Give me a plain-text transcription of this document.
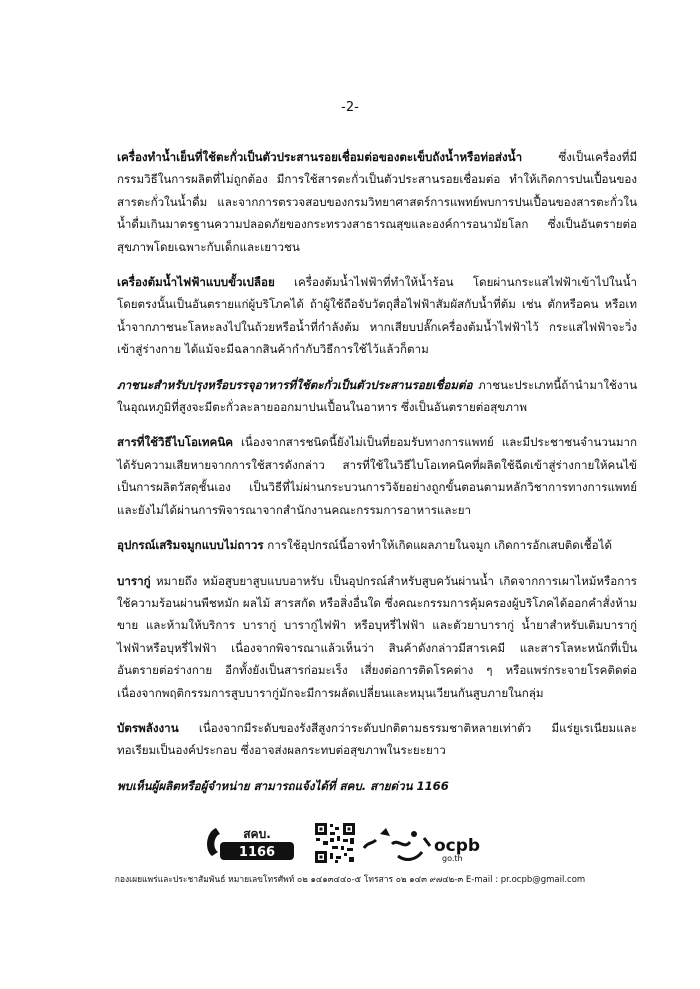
-2-

เครื่องทำน้ำเย็นที่ใช้ตะกั่วเป็นตัวประสานรอยเชื่อมต่อของตะเข็บถังน้ำหรือท่อส่งน้ำ ซึ่งเป็นเครื่องที่มีกรรมวิธีในการผลิตที่ไม่ถูกต้อง มีการใช้สารตะกั่วเป็นตัวประสานรอยเชื่อมต่อ ทำให้เกิดการปนเปื้อนของสารตะกั่วในน้ำดื่ม และจากการตรวจสอบของกรมวิทยาศาสตร์การแพทย์พบการปนเปื้อนของสารตะกั่วในน้ำดื่มเกินมาตรฐานความปลอดภัยของกระทรวงสาธารณสุขและองค์การอนามัยโลก ซึ่งเป็นอันตรายต่อสุขภาพโดยเฉพาะกับเด็กและเยาวชน

เครื่องต้มน้ำไฟฟ้าแบบขั้วเปลือย เครื่องต้มน้ำไฟฟ้าที่ทำให้น้ำร้อน โดยผ่านกระแสไฟฟ้าเข้าไปในน้ำโดยตรงนั้นเป็นอันตรายแก่ผู้บริโภคได้ ถ้าผู้ใช้ถือจับวัตถุสื่อไฟฟ้าสัมผัสกับน้ำที่ต้ม เช่น ตักหรือคน หรือเทน้ำจากภาชนะโลหะลงไปในถ้วยหรือน้ำที่กำลังต้ม หากเสียบปลั๊กเครื่องต้มน้ำไฟฟ้าไว้ กระแสไฟฟ้าจะวิ่งเข้าสู่ร่างกาย ได้แม้จะมีฉลากสินค้ากำกับวิธีการใช้ไว้แล้วก็ตาม

ภาชนะสำหรับปรุงหรือบรรจุอาหารที่ใช้ตะกั่วเป็นตัวประสานรอยเชื่อมต่อ ภาชนะประเภทนี้ถ้านำมาใช้งานในอุณหภูมิที่สูงจะมีตะกั่วละลายออกมาปนเปื้อนในอาหาร ซึ่งเป็นอันตรายต่อสุขภาพ

สารที่ใช้วิธีไบโอเทคนิค เนื่องจากสารชนิดนี้ยังไม่เป็นที่ยอมรับทางการแพทย์ และมีประชาชนจำนวนมากได้รับความเสียหายจากการใช้สารดังกล่าว สารที่ใช้ในวิธีไบโอเทคนิคที่ผลิตใช้ฉีดเข้าสู่ร่างกายให้คนไข้เป็นการผลิตวัสดุชั้นเอง เป็นวิธีที่ไม่ผ่านกระบวนการวิจัยอย่างถูกขั้นตอนตามหลักวิชาการทางการแพทย์ และยังไม่ได้ผ่านการพิจารณาจากสำนักงานคณะกรรมการอาหารและยา

อุปกรณ์เสริมจมูกแบบไม่ถาวร การใช้อุปกรณ์นี้อาจทำให้เกิดแผลภายในจมูก เกิดการอักเสบติดเชื้อได้

บารากู่ หมายถึง หม้อสูบยาสูบแบบอาหรับ เป็นอุปกรณ์สำหรับสูบควันผ่านน้ำ เกิดจากการเผาไหม้หรือการใช้ความร้อนผ่านพืชหมัก ผลไม้ สารสกัด หรือสิ่งอื่นใด ซึ่งคณะกรรมการคุ้มครองผู้บริโภคได้ออกคำสั่งห้ามขาย และห้ามให้บริการ บารากู่ บารากู่ไฟฟ้า หรือบุหรี่ไฟฟ้า และตัวยาบารากู่ น้ำยาสำหรับเติมบารากู่ไฟฟ้าหรือบุหรี่ไฟฟ้า เนื่องจากพิจารณาแล้วเห็นว่า สินค้าดังกล่าวมีสารเคมี และสารโลหะหนักที่เป็นอันตรายต่อร่างกาย อีกทั้งยังเป็นสารก่อมะเร็ง เสี่ยงต่อการติดโรคต่าง ๆ หรือแพร่กระจายโรคติดต่อ เนื่องจากพฤติกรรมการสูบบารากู่มักจะมีการผลัดเปลี่ยนและหมุนเวียนกันสูบภายในกลุ่ม

บัตรพลังงาน เนื่องจากมีระดับของรังสีสูงกว่าระดับปกติตามธรรมชาติหลายเท่าตัว มีแร่ยูเรเนียมและทอเรียมเป็นองค์ประกอบ ซึ่งอาจส่งผลกระทบต่อสุขภาพในระยะยาว

พบเห็นผู้ผลิตหรือผู้จำหน่าย สามารถแจ้งได้ที่ สคบ. สายด่วน 1166
สคบ.
1166	ocpb
go.th
กองเผยแพร่และประชาสัมพันธ์ หมายเลขโทรศัพท์ ๐๒ ๑๔๑๓๔๔๐-๕ โทรสาร ๐๒ ๑๔๓ ๙๗๔๒-๓ E-mail : pr.ocpb@gmail.com
